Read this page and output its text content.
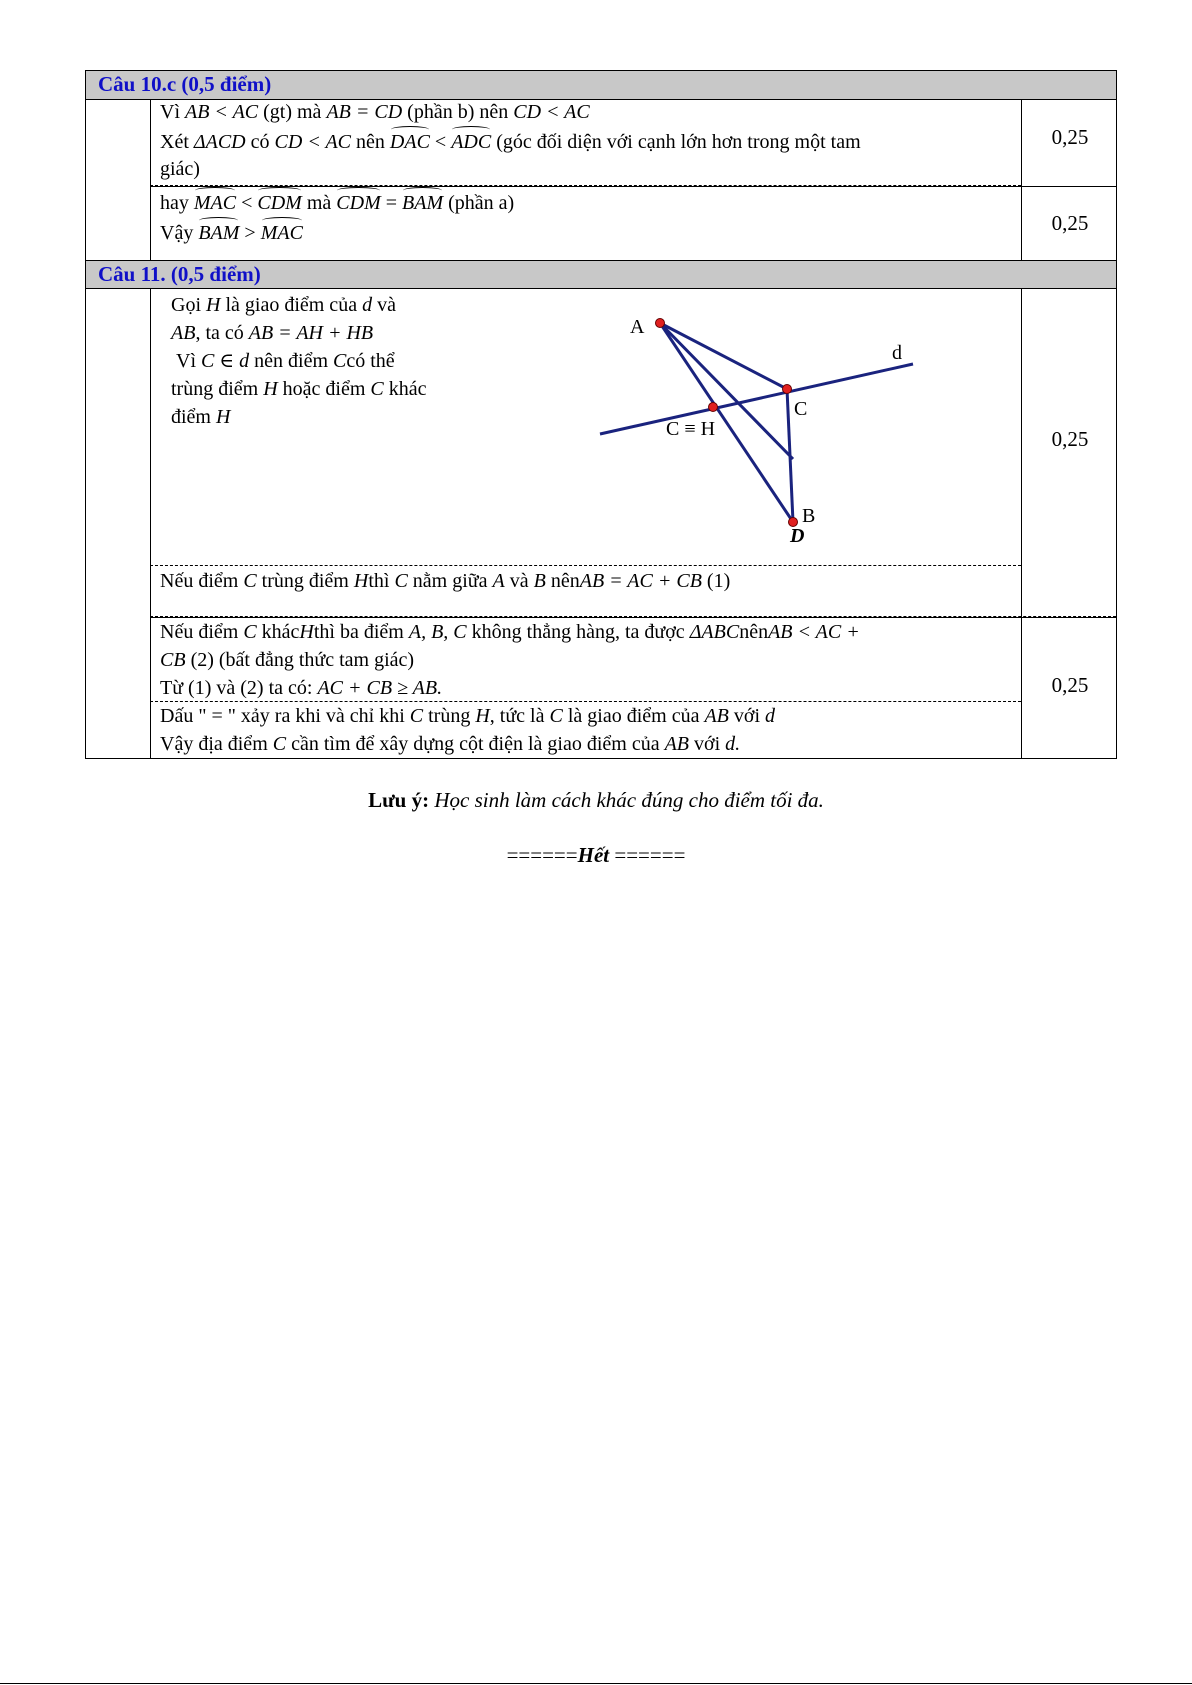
Câu 10.c (0,5 điểm)
Câu 11. (0,5 điểm)
Vì AB < AC (gt) mà AB = CD (phần b) nên CD < AC
Xét ΔACD có CD < AC nên DAC < ADC (góc đối diện với cạnh lớn hơn trong một tam
giác)
0,25
hay MAC < CDM mà CDM = BAM (phần a)
Vậy BAM > MAC	0,25
Gọi H là giao điểm của d và
AB, ta có AB = AH + HB
Vì C ∈ d nên điểm Ccó thể
trùng điểm H hoặc điểm C khác
điểm H
A
C
C ≡ H
d
B
D
0,25
Nếu điểm C trùng điểm Hthì C nằm giữa A và B nênAB = AC + CB (1)
Nếu điểm C khácHthì ba điểm A, B, C không thẳng hàng, ta được ΔABCnênAB < AC +
CB (2) (bất đẳng thức tam giác)
Từ (1) và (2) ta có: AC + CB ≥ AB.
Dấu " = " xảy ra khi và chỉ khi C trùng H, tức là C là giao điểm của AB với d
Vậy địa điểm C cần tìm để xây dựng cột điện là giao điểm của AB với d.
0,25
Lưu ý: Học sinh làm cách khác đúng cho điểm tối đa.
======Hết ======
